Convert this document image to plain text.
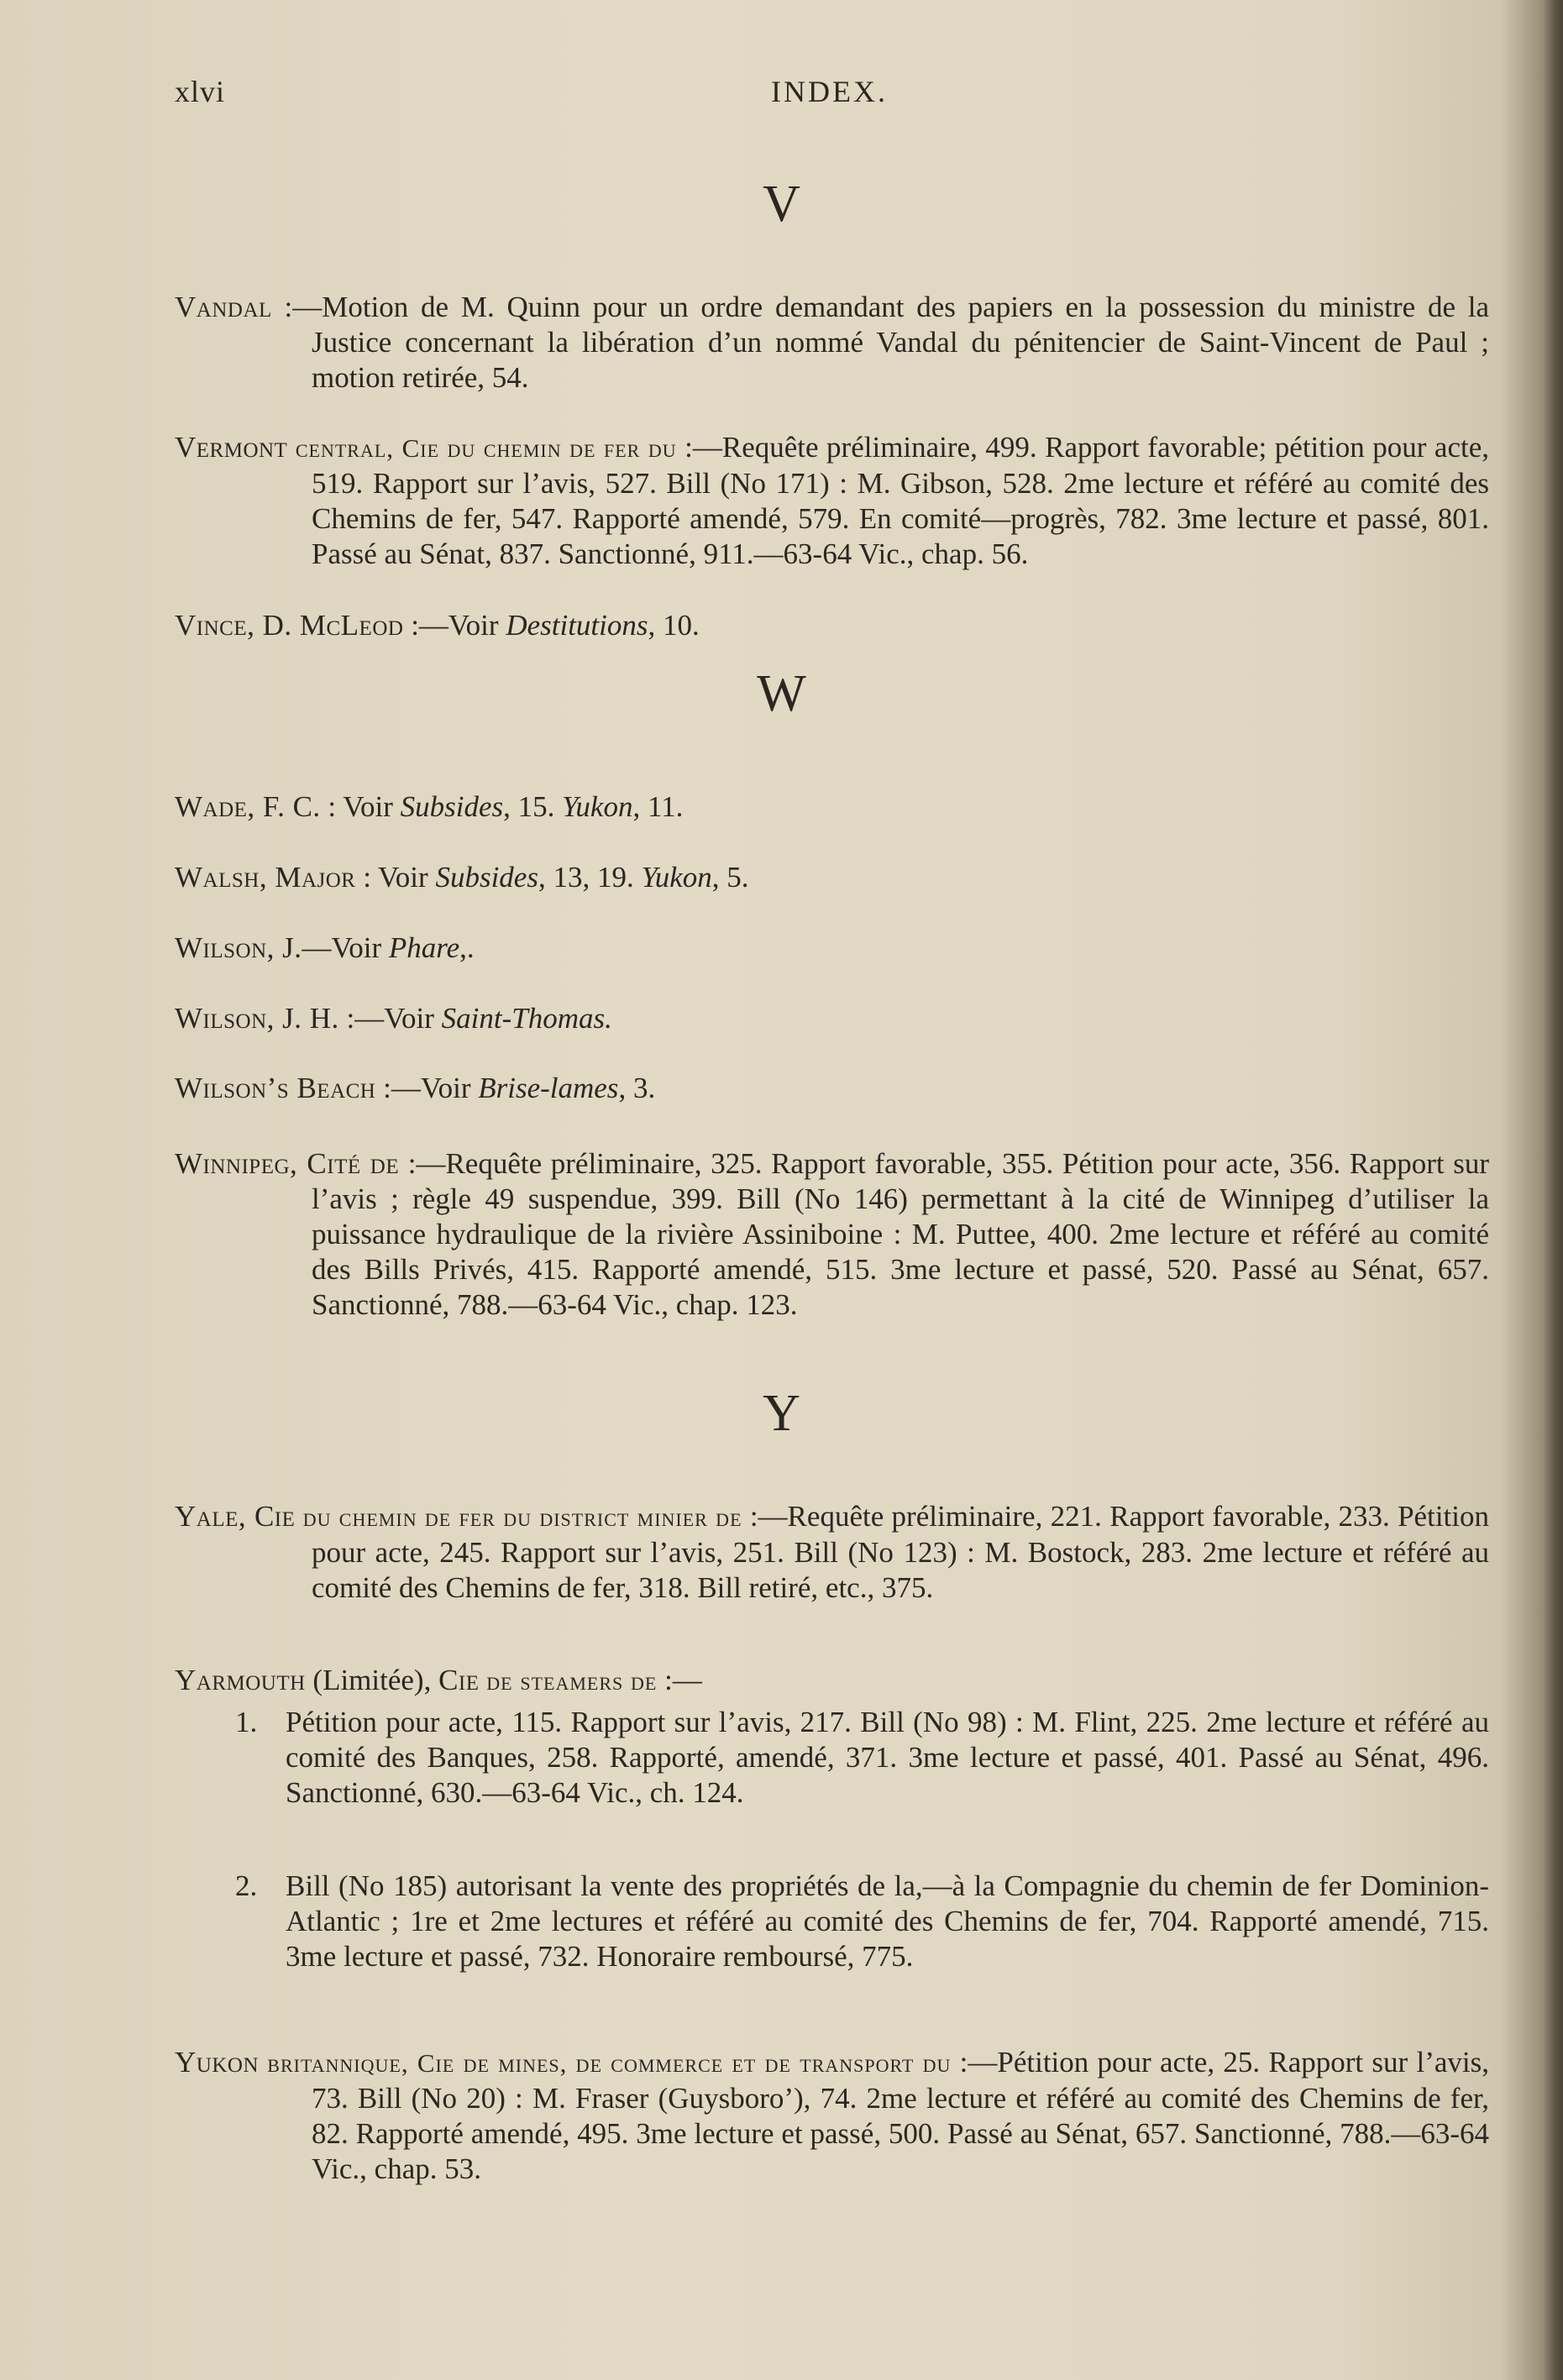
xlvi	INDEX.
V

Vandal :—Motion de M. Quinn pour un ordre demandant des papiers en la possession du ministre de la Justice concernant la libération d’un nommé Vandal du pénitencier de Saint-Vincent de Paul ; motion retirée, 54.

Vermont central, Cie du chemin de fer du :—Requête préliminaire, 499. Rapport favorable; pétition pour acte, 519. Rapport sur l’avis, 527. Bill (No 171) : M. Gibson, 528. 2me lecture et référé au comité des Chemins de fer, 547. Rapporté amendé, 579. En comité—progrès, 782. 3me lecture et passé, 801. Passé au Sénat, 837. Sanctionné, 911.—63-64 Vic., chap. 56.

Vince, D. McLeod :—Voir Destitutions, 10.

W

Wade, F. C. : Voir Subsides, 15. Yukon, 11.

Walsh, Major : Voir Subsides, 13, 19. Yukon, 5.

Wilson, J.—Voir Phare,.

Wilson, J. H. :—Voir Saint-Thomas.

Wilson’s Beach :—Voir Brise-lames, 3.

Winnipeg, Cité de :—Requête préliminaire, 325. Rapport favorable, 355. Pétition pour acte, 356. Rapport sur l’avis ; règle 49 suspendue, 399. Bill (No 146) permettant à la cité de Winnipeg d’utiliser la puissance hydraulique de la rivière Assiniboine : M. Puttee, 400. 2me lecture et référé au comité des Bills Privés, 415. Rapporté amendé, 515. 3me lecture et passé, 520. Passé au Sénat, 657. Sanctionné, 788.—63-64 Vic., chap. 123.

Y

Yale, Cie du chemin de fer du district minier de :—Requête préliminaire, 221. Rapport favorable, 233. Pétition pour acte, 245. Rapport sur l’avis, 251. Bill (No 123) : M. Bostock, 283. 2me lecture et référé au comité des Chemins de fer, 318. Bill retiré, etc., 375.

Yarmouth (Limitée), Cie de steamers de :—

1. Pétition pour acte, 115. Rapport sur l’avis, 217. Bill (No 98) : M. Flint, 225. 2me lecture et référé au comité des Banques, 258. Rapporté, amendé, 371. 3me lecture et passé, 401. Passé au Sénat, 496. Sanctionné, 630.—63-64 Vic., ch. 124.

2. Bill (No 185) autorisant la vente des propriétés de la,—à la Compagnie du chemin de fer Dominion-Atlantic ; 1re et 2me lectures et référé au comité des Chemins de fer, 704. Rapporté amendé, 715. 3me lecture et passé, 732. Honoraire remboursé, 775.

Yukon britannique, Cie de mines, de commerce et de transport du :—Pétition pour acte, 25. Rapport sur l’avis, 73. Bill (No 20) : M. Fraser (Guysboro’), 74. 2me lecture et référé au comité des Chemins de fer, 82. Rapporté amendé, 495. 3me lecture et passé, 500. Passé au Sénat, 657. Sanctionné, 788.—63-64 Vic., chap. 53.
